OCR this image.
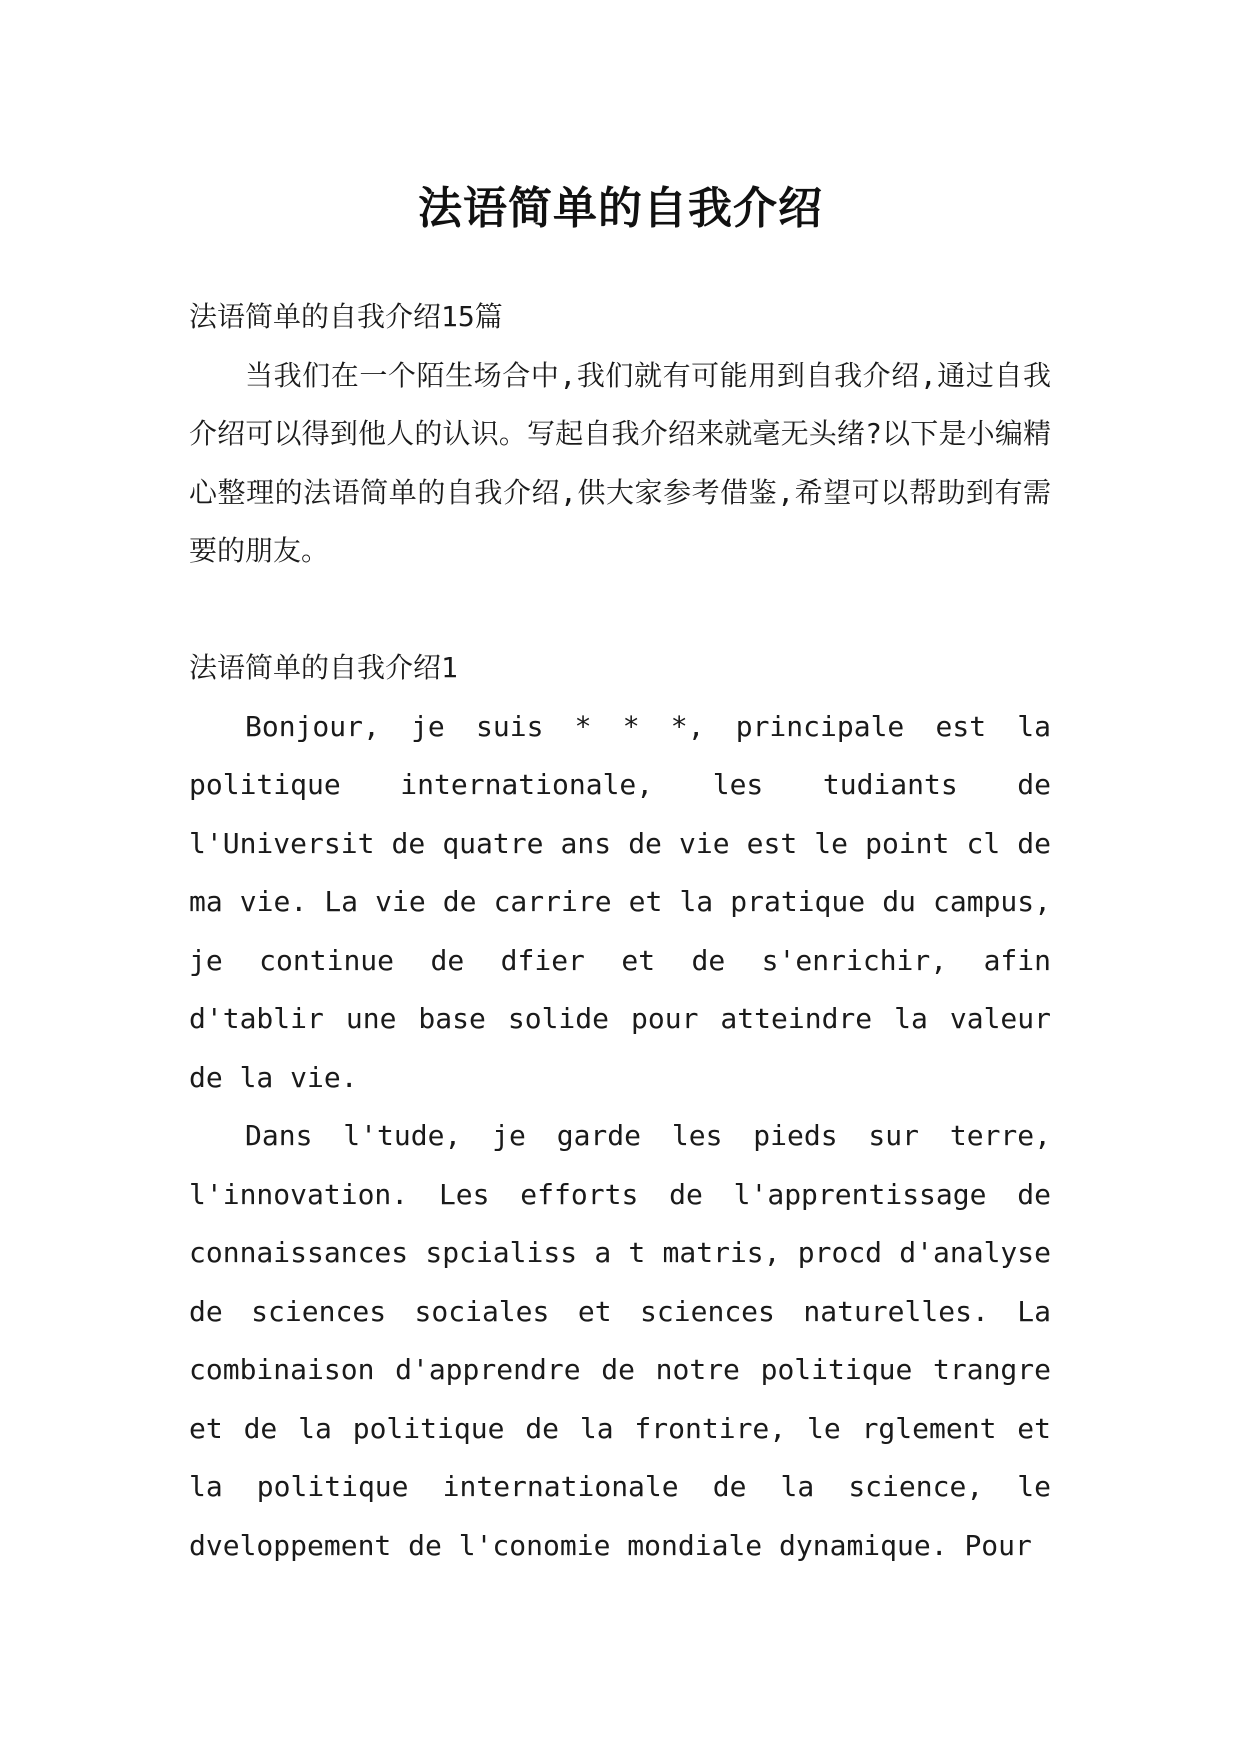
法语简单的自我介绍

法语简单的自我介绍15篇

当我们在一个陌生场合中,我们就有可能用到自我介绍,通过自我介绍可以得到他人的认识。写起自我介绍来就毫无头绪?以下是小编精心整理的法语简单的自我介绍,供大家参考借鉴,希望可以帮助到有需要的朋友。

法语简单的自我介绍1

Bonjour, je suis * * *, principale est la politique internationale, les tudiants de l'Universit de quatre ans de vie est le point cl de ma vie. La vie de carrire et la pratique du campus, je continue de dfier et de s'enrichir, afin d'tablir une base solide pour atteindre la valeur de la vie.

Dans l'tude, je garde les pieds sur terre, l'innovation. Les efforts de l'apprentissage de connaissances spcialiss a t matris, procd d'analyse de sciences sociales et sciences naturelles. La combinaison d'apprendre de notre politique trangre et de la politique de la frontire, le rglement et la politique internationale de la science, le dveloppement de l'conomie mondiale dynamique. Pour
